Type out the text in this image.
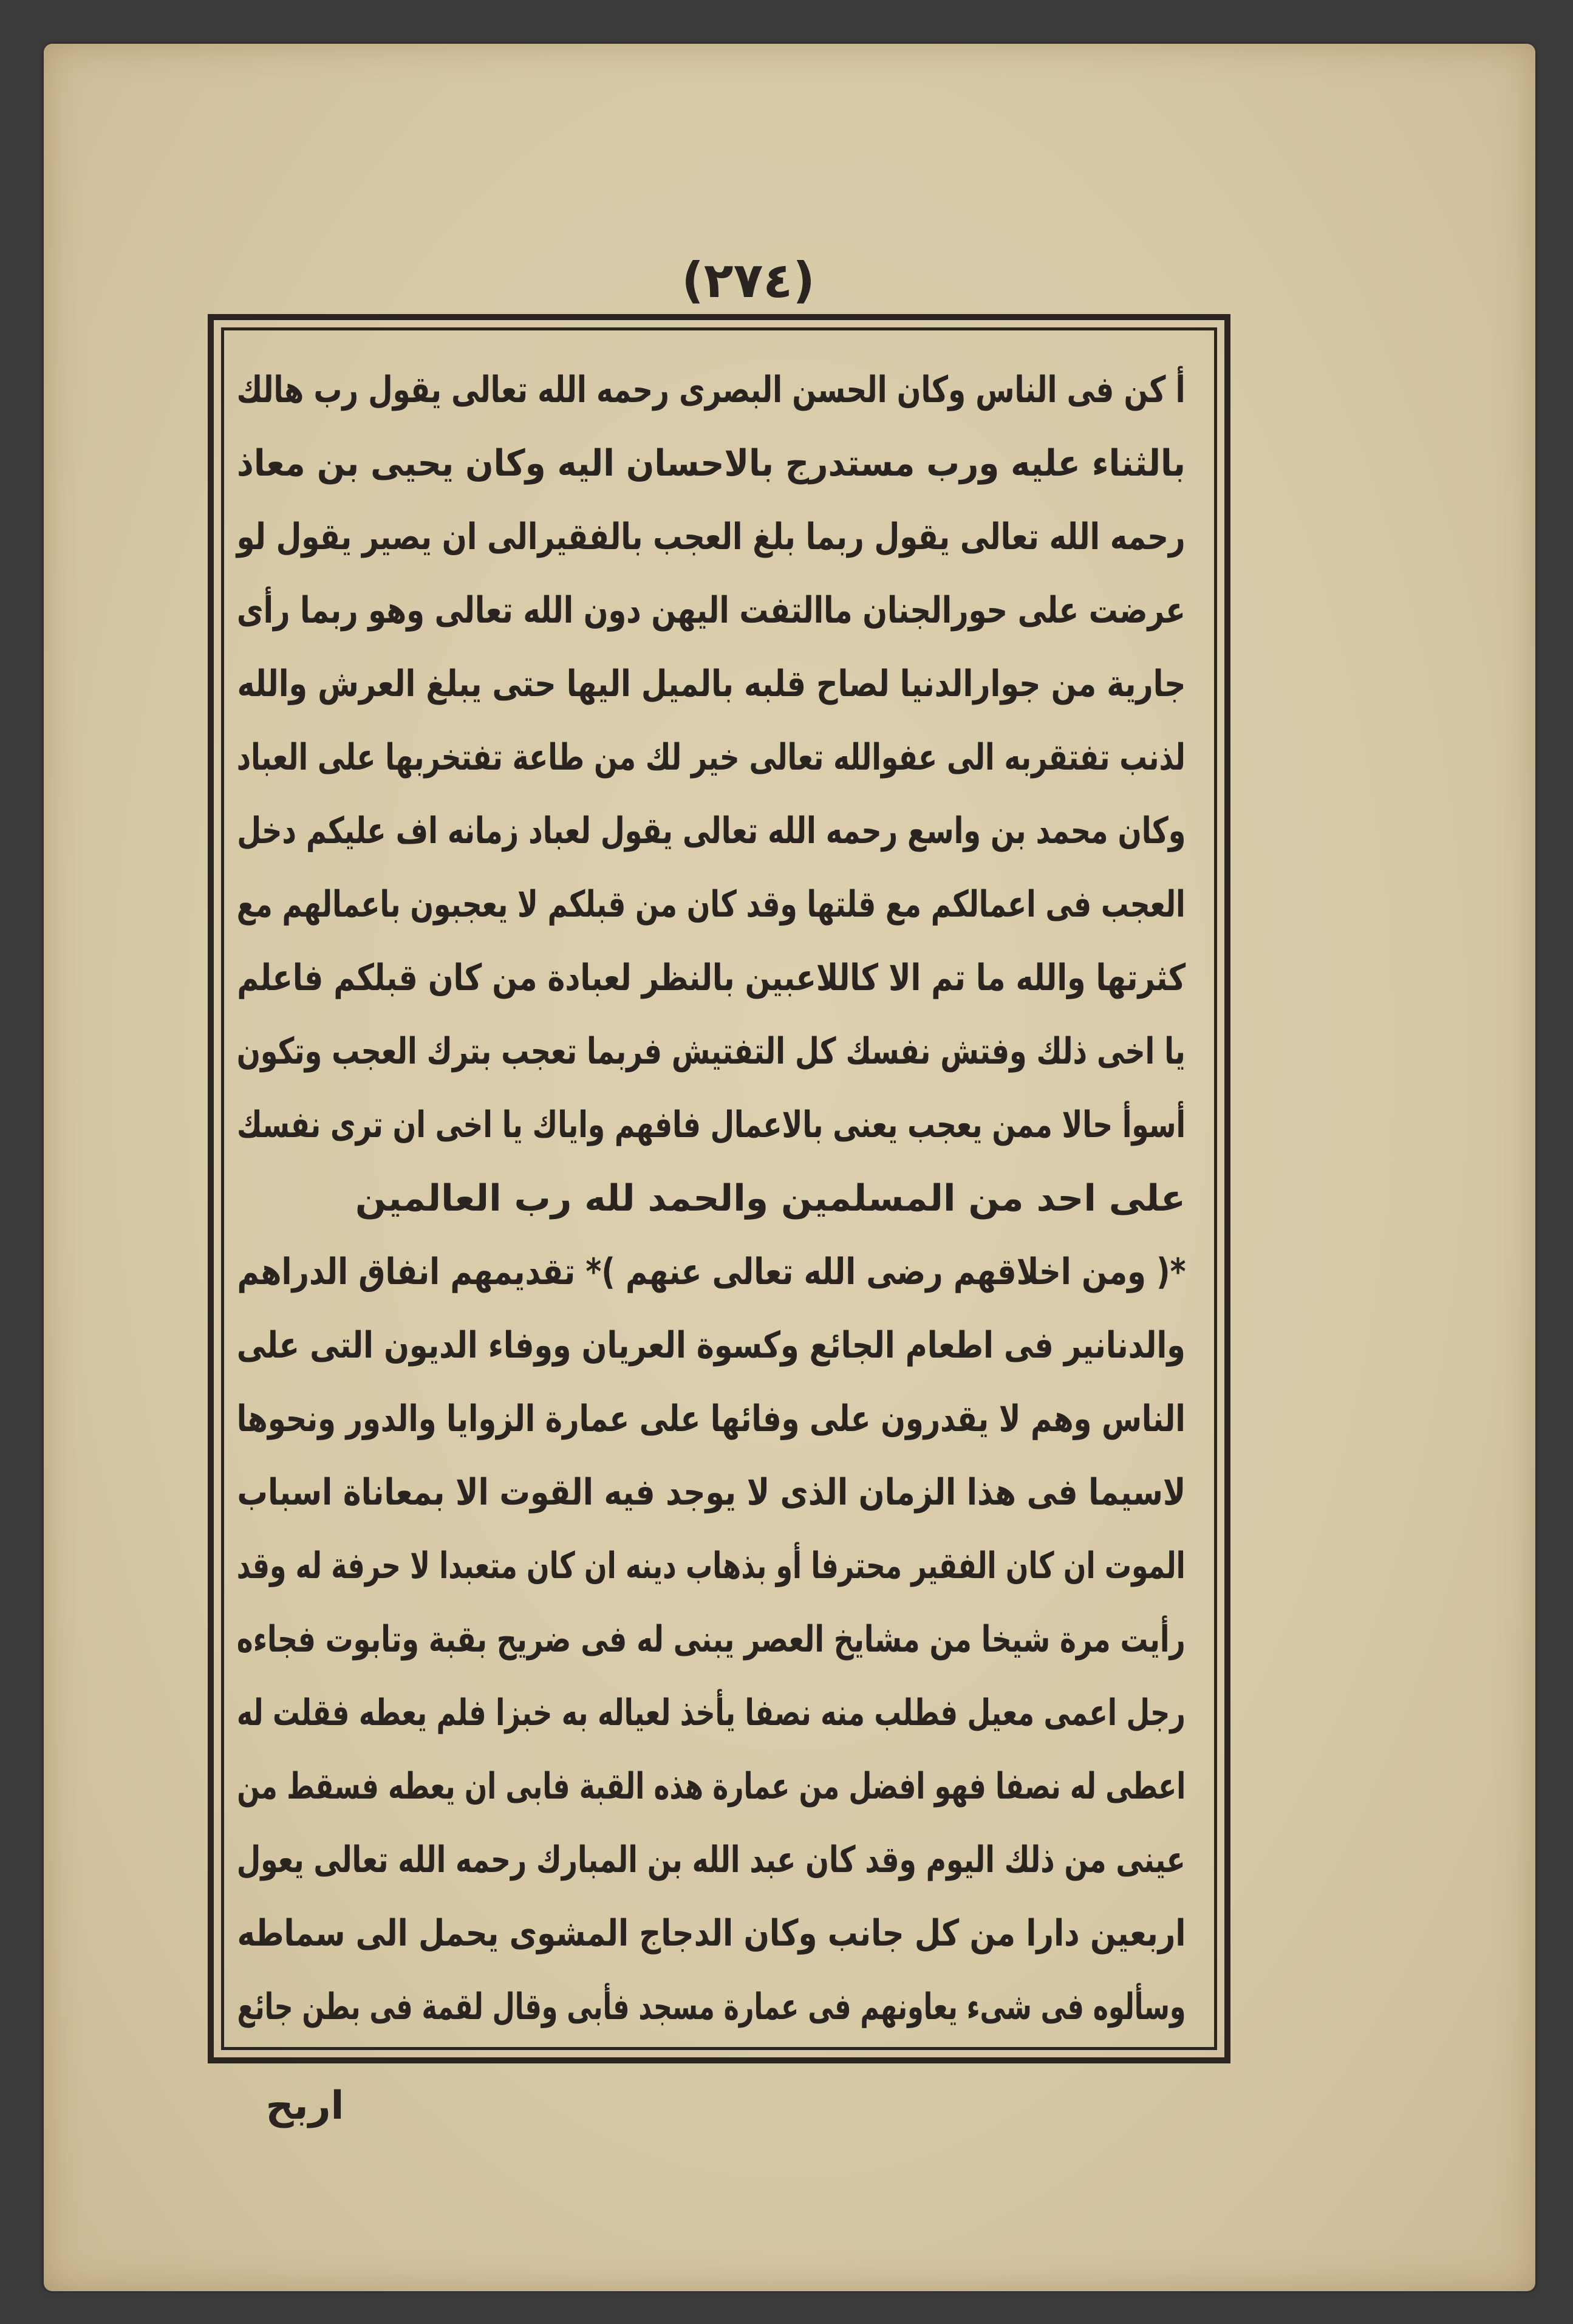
(٢٧٤)
أ كن فى الناس وكان الحسن البصرى رحمه الله تعالى يقول رب هالك
بالثناء عليه ورب مستدرج بالاحسان اليه وكان يحيى بن معاذ
رحمه الله تعالى يقول ربما بلغ العجب بالفقيرالى ان يصير يقول لو
عرضت على حورالجنان ماالتفت اليهن دون الله تعالى وهو ربما رأى
جارية من جوارالدنيا لصاح قلبه بالميل اليها حتى يبلغ العرش والله
لذنب تفتقربه الى عفوالله تعالى خير لك من طاعة تفتخربها على العباد
وكان محمد بن واسع رحمه الله تعالى يقول لعباد زمانه اف عليكم دخل
العجب فى اعمالكم مع قلتها وقد كان من قبلكم لا يعجبون باعمالهم مع
كثرتها والله ما تم الا كاللاعبين بالنظر لعبادة من كان قبلكم فاعلم
يا اخى ذلك وفتش نفسك كل التفتيش فربما تعجب بترك العجب وتكون
أسوأ حالا ممن يعجب يعنى بالاعمال فافهم واياك يا اخى ان ترى نفسك
على احد من المسلمين والحمد لله رب العالمين
*( ومن اخلاقهم رضى الله تعالى عنهم )* تقديمهم انفاق الدراهم
والدنانير فى اطعام الجائع وكسوة العريان ووفاء الديون التى على
الناس وهم لا يقدرون على وفائها على عمارة الزوايا والدور ونحوها
لاسيما فى هذا الزمان الذى لا يوجد فيه القوت الا بمعاناة اسباب
الموت ان كان الفقير محترفا أو بذهاب دينه ان كان متعبدا لا حرفة له وقد
رأيت مرة شيخا من مشايخ العصر يبنى له فى ضريح بقبة وتابوت فجاءه
رجل اعمى معيل فطلب منه نصفا يأخذ لعياله به خبزا فلم يعطه فقلت له
اعطى له نصفا فهو افضل من عمارة هذه القبة فابى ان يعطه فسقط من
عينى من ذلك اليوم وقد كان عبد الله بن المبارك رحمه الله تعالى يعول
اربعين دارا من كل جانب وكان الدجاج المشوى يحمل الى سماطه
وسألوه فى شىء يعاونهم فى عمارة مسجد فأبى وقال لقمة فى بطن جائع
اربح
